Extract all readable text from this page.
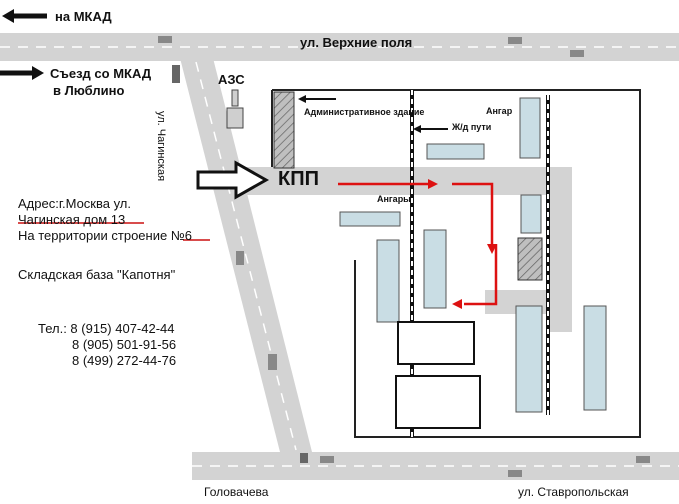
на МКАД
ул. Верхние поля
Съезд со МКАД
в Люблино
АЗС
ул. Чагинская	Административное здание	Ангар
Ж/д пути
КПП
Ангары
Головачева	ул. Ставропольская
Адрес:г.Москва ул.
Чагинская дом 13
На территории строение №6
Складская база "Капотня"
Тел.: 8 (915) 407-42-44
8 (905) 501-91-56
8 (499) 272-44-76
